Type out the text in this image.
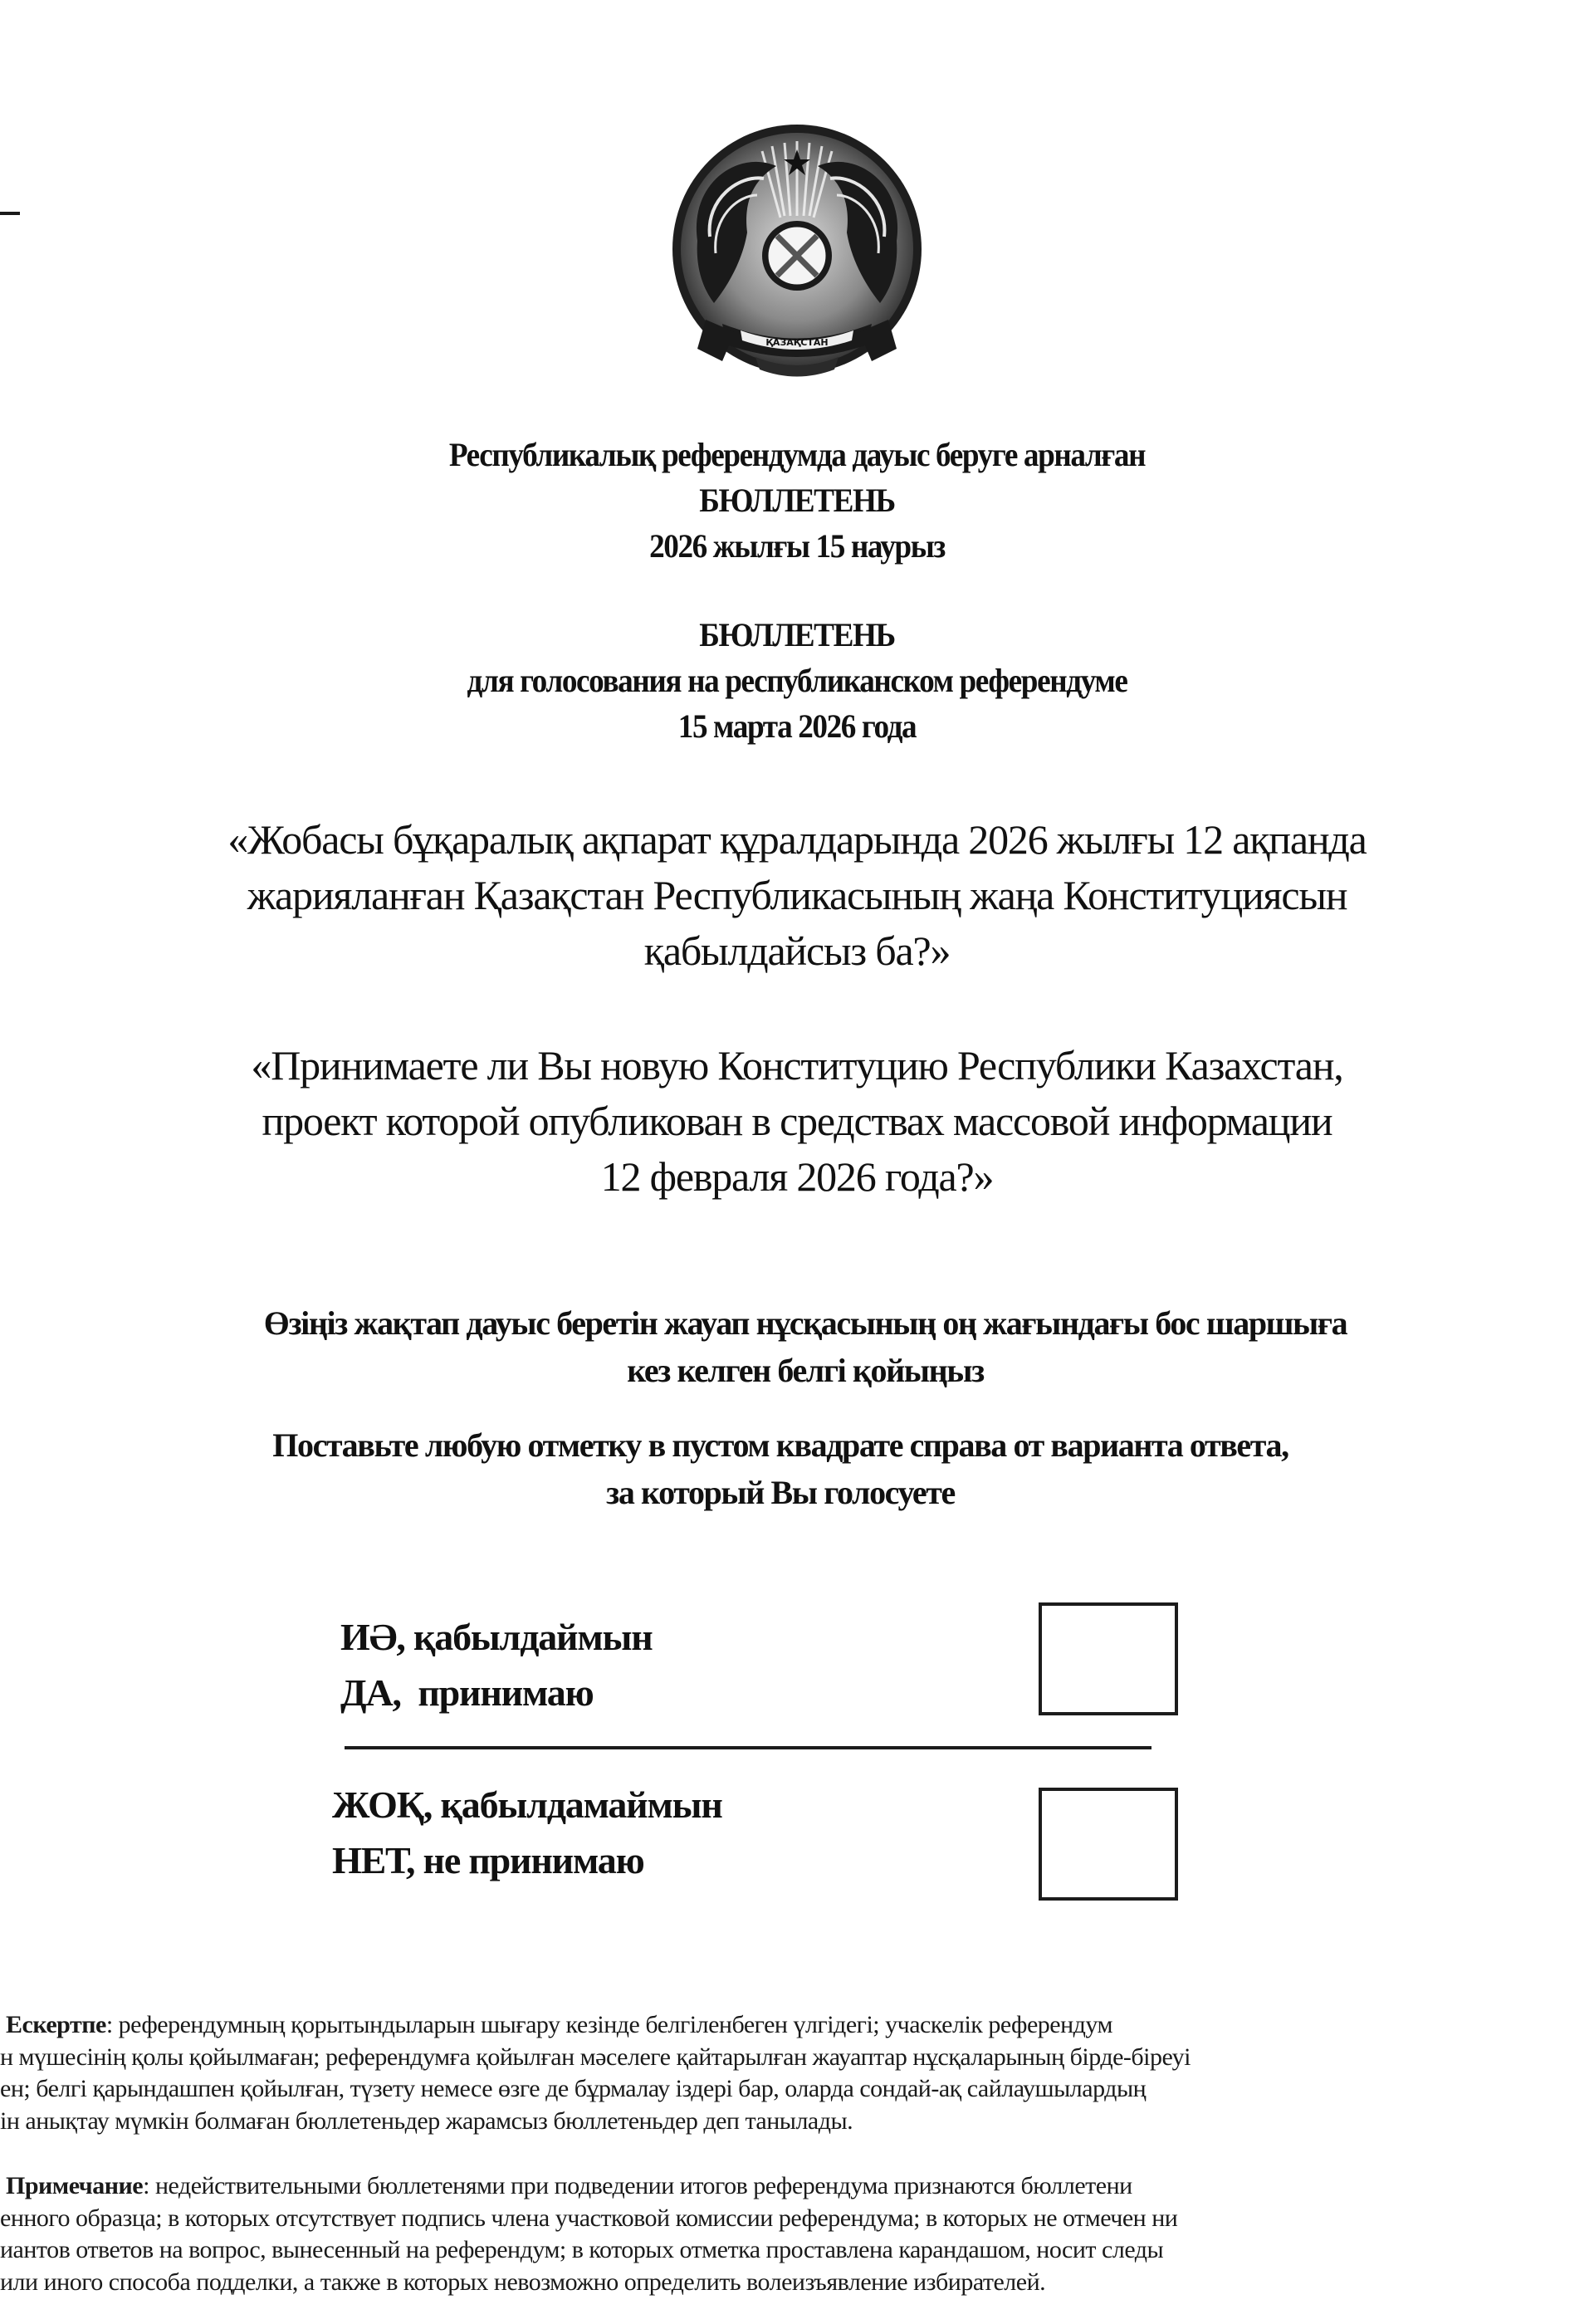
ҚАЗАҚСТАН
Республикалық референдумда дауыс беруге арналған
БЮЛЛЕТЕНЬ
2026 жылғы 15 наурыз
БЮЛЛЕТЕНЬ
для голосования на республиканском референдуме
15 марта 2026 года
«Жобасы бұқаралық ақпарат құралдарында 2026 жылғы 12 ақпанда
жарияланған Қазақстан Республикасының жаңа Конституциясын
қабылдайсыз ба?»
«Принимаете ли Вы новую Конституцию Республики Казахстан,
проект которой опубликован в средствах массовой информации
12 февраля 2026 года?»
Өзіңіз жақтап дауыс беретін жауап нұсқасының оң жағындағы бос шаршыға
кез келген белгі қойыңыз
Поставьте любую отметку в пустом квадрате справа от варианта ответа,
за который Вы голосуете
ИӘ, қабылдаймын
ДА,  принимаю
ЖОҚ, қабылдамаймын
НЕТ, не принимаю
Ескертпе: референдумның қорытындыларын шығару кезінде белгіленбеген үлгідегі; учаскелік референдум
н мүшесінің қолы қойылмаған; референдумға қойылған мәселеге қайтарылған жауаптар нұсқаларының бірде-біреуі
ен; белгі қарындашпен қойылған, түзету немесе өзге де бұрмалау іздері бар, оларда сондай-ақ сайлаушылардың
ін анықтау мүмкін болмаған бюллетеньдер жарамсыз бюллетеньдер деп танылады.
Примечание: недействительными бюллетенями при подведении итогов референдума признаются бюллетени
енного образца; в которых отсутствует подпись члена участковой комиссии референдума; в которых не отмечен ни
иантов ответов на вопрос, вынесенный на референдум; в которых отметка проставлена карандашом, носит следы
или иного способа подделки, а также в которых невозможно определить волеизъявление избирателей.
